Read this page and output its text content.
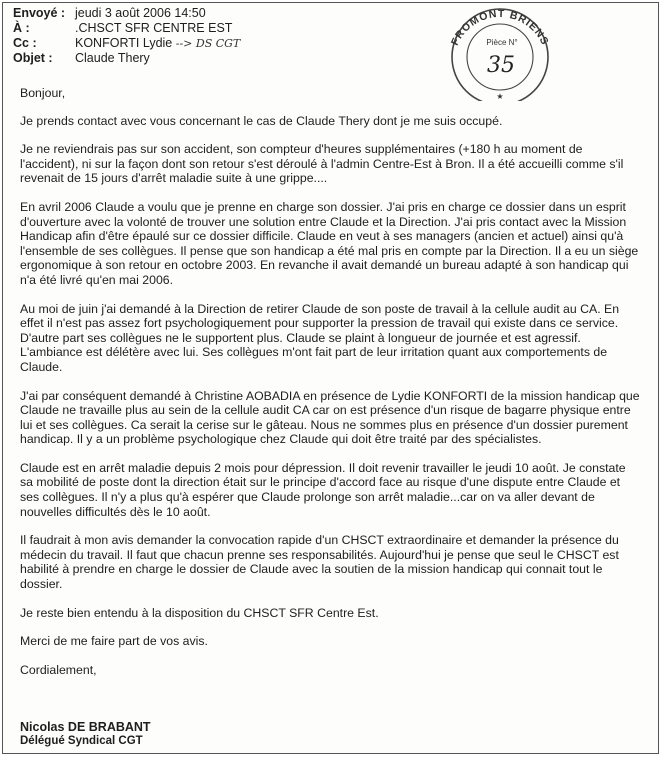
Envoyé : jeudi 3 août 2006 14:50
À :	.CHSCT SFR CENTRE EST
Cc :	KONFORTI Lydie --> DS CGT
Objet : Claude Thery
FROMONT BRIENS
Pièce N°
35
★

Bonjour,

Je prends contact avec vous concernant le cas de Claude Thery dont je me suis occupé.

Je ne reviendrais pas sur son accident, son compteur d'heures supplémentaires (+180 h au moment de l'accident), ni sur la façon dont son retour s'est déroulé à l'admin Centre-Est à Bron. Il a été accueilli comme s'il revenait de 15 jours d'arrêt maladie suite à une grippe....

En avril 2006 Claude a voulu que je prenne en charge son dossier. J'ai pris en charge ce dossier dans un esprit d'ouverture avec la volonté de trouver une solution entre Claude et la Direction. J'ai pris contact avec la Mission Handicap afin d'être épaulé sur ce dossier difficile. Claude en veut à ses managers (ancien et actuel) ainsi qu'à l'ensemble de ses collègues. Il pense que son handicap a été mal pris en compte par la Direction. Il a eu un siège ergonomique à son retour en octobre 2003. En revanche il avait demandé un bureau adapté à son handicap qui n'a été livré qu'en mai 2006.

Au moi de juin j'ai demandé à la Direction de retirer Claude de son poste de travail à la cellule audit au CA. En effet il n'est pas assez fort psychologiquement pour supporter la pression de travail qui existe dans ce service. D'autre part ses collègues ne le supportent plus. Claude se plaint à longueur de journée et est agressif. L'ambiance est délétère avec lui. Ses collègues m'ont fait part de leur irritation quant aux comportements de Claude.

J'ai par conséquent demandé à Christine AOBADIA en présence de Lydie KONFORTI de la mission handicap que Claude ne travaille plus au sein de la cellule audit CA car on est présence d'un risque de bagarre physique entre lui et ses collègues. Ca serait la cerise sur le gâteau. Nous ne sommes plus en présence d'un dossier purement handicap. Il y a un problème psychologique chez Claude qui doit être traité par des spécialistes.

Claude est en arrêt maladie depuis 2 mois pour dépression. Il doit revenir travailler le jeudi 10 août. Je constate sa mobilité de poste dont la direction était sur le principe d'accord face au risque d'une dispute entre Claude et ses collègues. Il n'y a plus qu'à espérer que Claude prolonge son arrêt maladie...car on va aller devant de nouvelles difficultés dès le 10 août.

Il faudrait à mon avis demander la convocation rapide d'un CHSCT extraordinaire et demander la présence du médecin du travail. Il faut que chacun prenne ses responsabilités. Aujourd'hui je pense que seul le CHSCT est habilité à prendre en charge le dossier de Claude avec la soutien de la mission handicap qui connait tout le dossier.

Je reste bien entendu à la disposition du CHSCT SFR Centre Est.

Merci de me faire part de vos avis.

Cordialement,

Nicolas DE BRABANT
Délégué Syndical CGT
